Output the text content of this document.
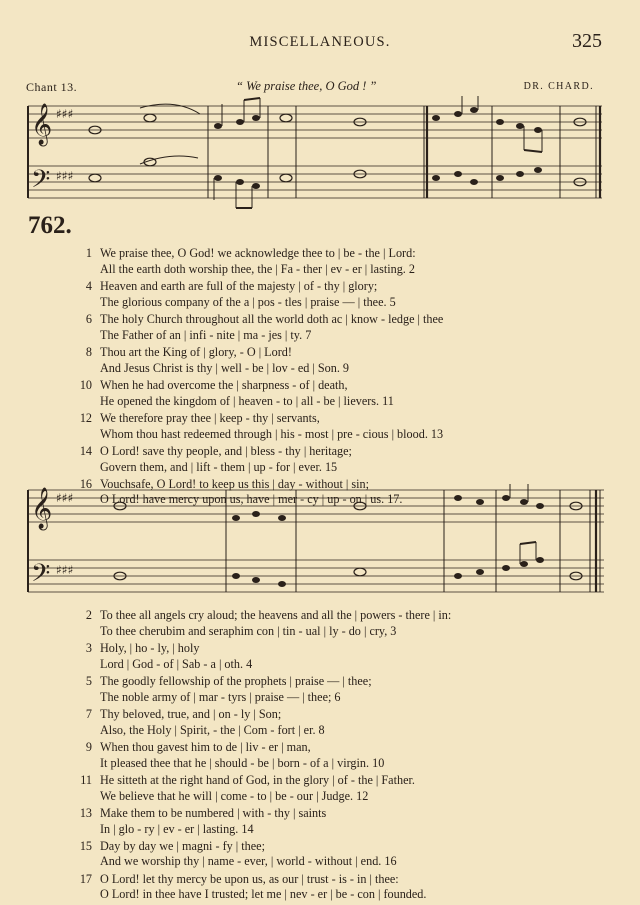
MISCELLANEOUS.	325
Chant 13.	“ We praise thee, O God ! ”	DR. CHARD.
𝄞
𝄢
♯♯♯
♯♯♯
762.
1 We praise thee, O God! we acknowledge thee to | be - the | Lord:
All the earth doth worship thee, the | Fa - ther | ev - er | lasting. 2
4 Heaven and earth are full of the majesty | of - thy | glory;
The glorious company of the a | pos - tles | praise — | thee. 5
6 The holy Church throughout all the world doth ac | know - ledge | thee
The Father of an | infi - nite | ma - jes | ty. 7
8 Thou art the King of | glory, - O | Lord!
And Jesus Christ is thy | well - be | lov - ed | Son. 9
10 When he had overcome the | sharpness - of | death,
He opened the kingdom of | heaven - to | all - be | lievers. 11
12 We therefore pray thee | keep - thy | servants,
Whom thou hast redeemed through | his - most | pre - cious | blood. 13
14 O Lord! save thy people, and | bless - thy | heritage;
Govern them, and | lift - them | up - for | ever. 15
16 Vouchsafe, O Lord! to keep us this | day - without | sin;
O Lord! have mercy upon us, have | mer - cy | up - on | us. 17.
𝄞
𝄢
♯♯♯
♯♯♯
2 To thee all angels cry aloud; the heavens and all the | powers - there | in:
To thee cherubim and seraphim con | tin - ual | ly - do | cry, 3
3 Holy, | ho - ly, | holy
Lord | God - of | Sab - a | oth. 4
5 The goodly fellowship of the prophets | praise — | thee;
The noble army of | mar - tyrs | praise — | thee; 6
7 Thy beloved, true, and | on - ly | Son;
Also, the Holy | Spirit, - the | Com - fort | er. 8
9 When thou gavest him to de | liv - er | man,
It pleased thee that he | should - be | born - of a | virgin. 10
11 He sitteth at the right hand of God, in the glory | of - the | Father.
We believe that he will | come - to | be - our | Judge. 12
13 Make them to be numbered | with - thy | saints
In | glo - ry | ev - er | lasting. 14
15 Day by day we | magni - fy | thee;
And we worship thy | name - ever, | world - without | end. 16
17 O Lord! let thy mercy be upon us, as our | trust - is - in | thee:
O Lord! in thee have I trusted; let me | nev - er | be - con | founded.
